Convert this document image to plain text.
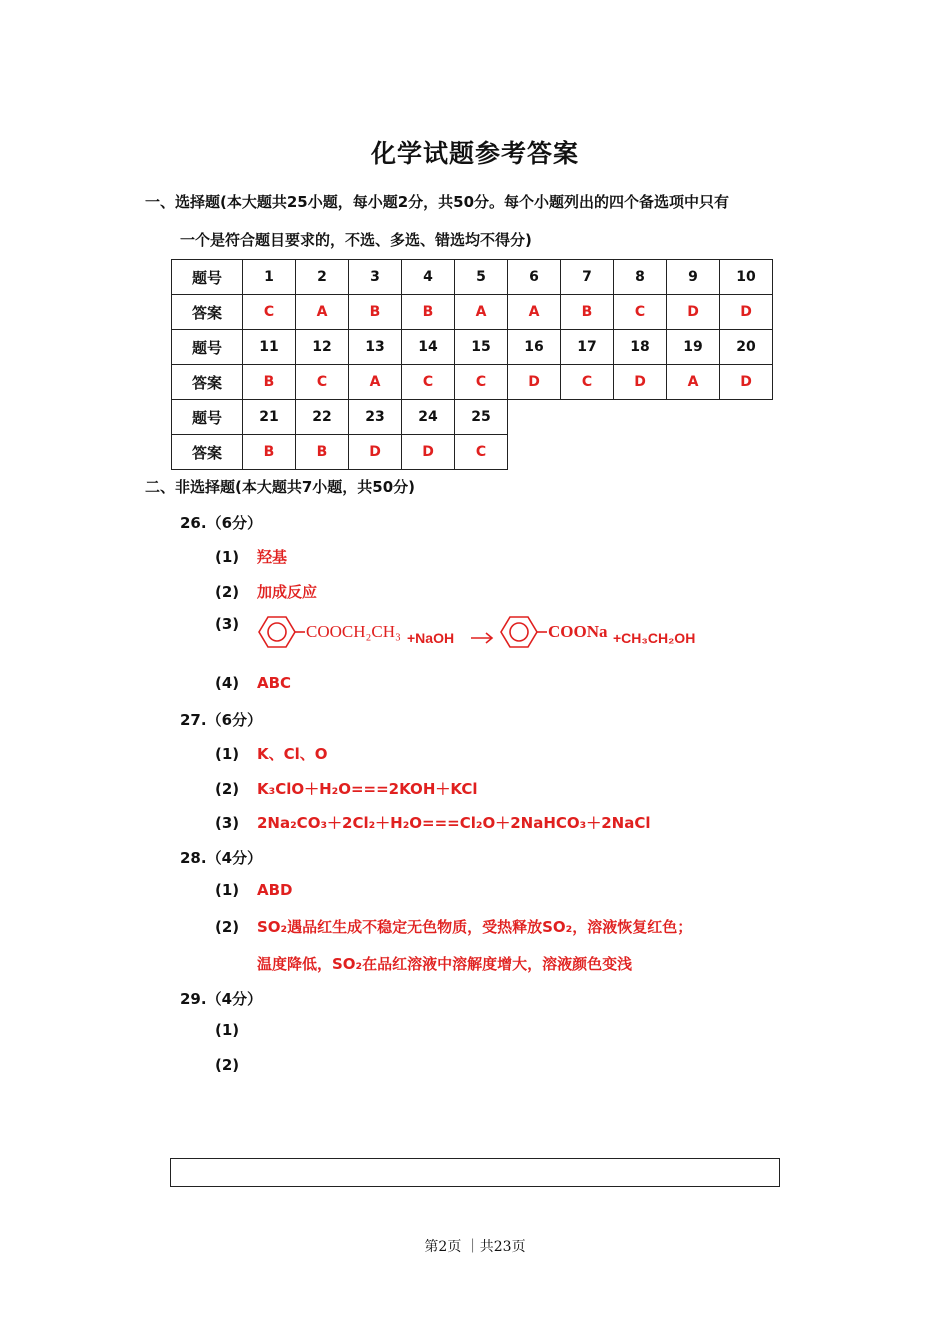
化学试题参考答案
一、选择题(本大题共25小题，每小题2分，共50分。每个小题列出的四个备选项中只有
一个是符合题目要求的，不选、多选、错选均不得分)
题号	1	2	3	4	5	6	7	8	9	10
答案	C	A	B	B	A	A	B	C	D	D
题号	11	12	13	14	15	16	17	18	19	20
答案	B	C	A	C	C	D	C	D	A	D
题号	21	22	23	24	25					
答案	B	B	D	D	C					
二、非选择题(本大题共7小题，共50分)
26.（6分）
(1) 羟基
(2) 加成反应
(3)	COOCH₂CH₃ +NaOH	COONa +CH₃CH₂OH
(4) ABC
27.（6分）
(1) K、Cl、O
(2) K₃ClO＋H₂O===2KOH＋KCl
(3) 2Na₂CO₃＋2Cl₂＋H₂O===Cl₂O＋2NaHCO₃＋2NaCl
28.（4分）
(1) ABD
(2) SO₂遇品红生成不稳定无色物质，受热释放SO₂，溶液恢复红色；
温度降低，SO₂在品红溶液中溶解度增大，溶液颜色变浅
29.（4分）
(1)
(2)
第2页 ｜共23页
